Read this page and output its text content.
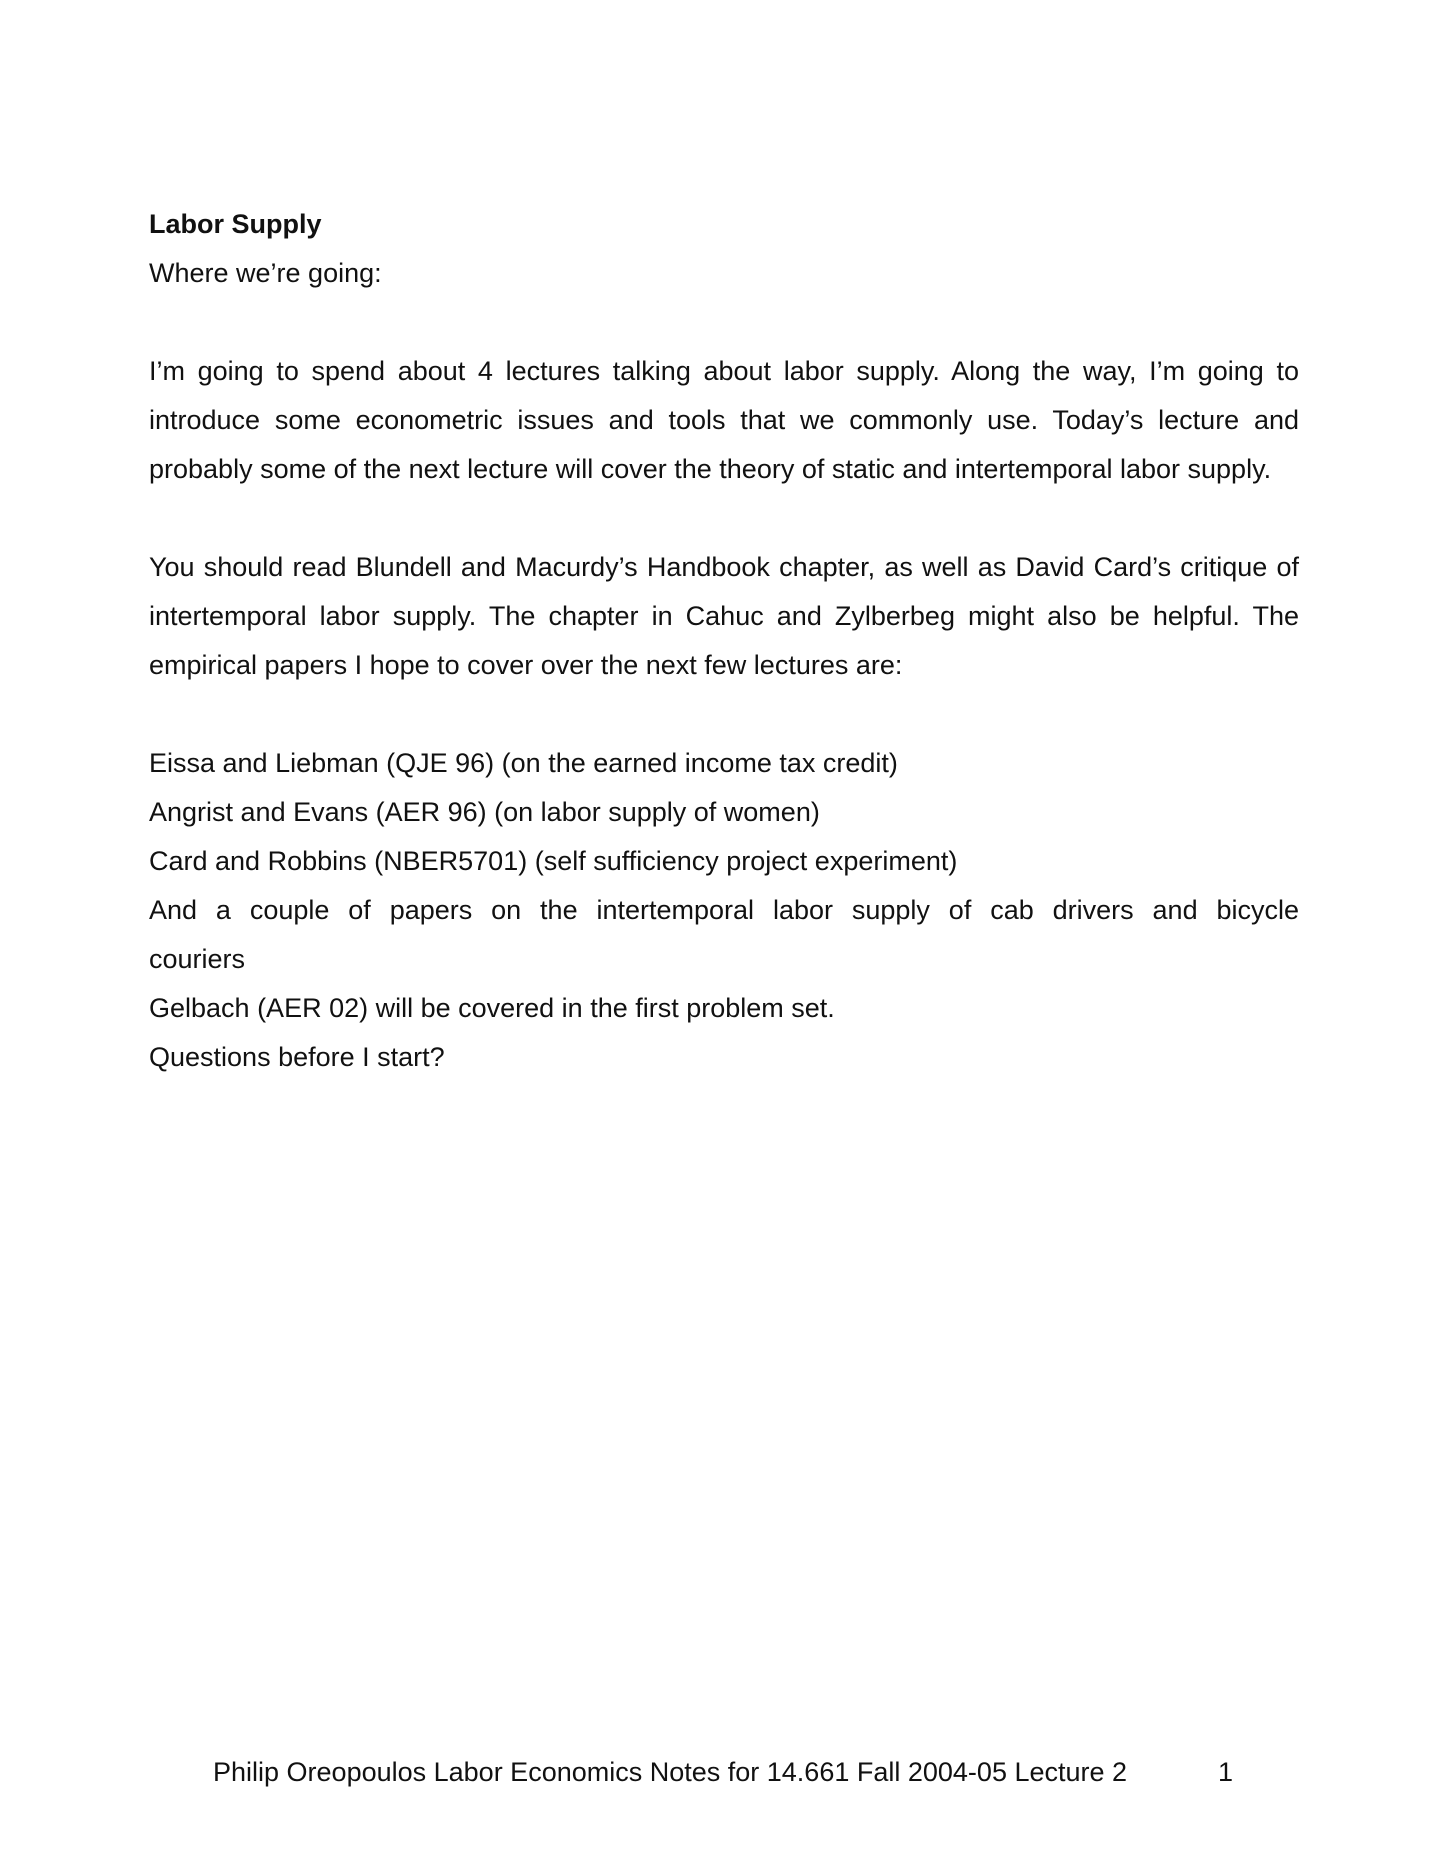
Labor Supply

Where we’re going:

I’m going to spend about 4 lectures talking about labor supply. Along the way, I’m going to introduce some econometric issues and tools that we commonly use. Today’s lecture and probably some of the next lecture will cover the theory of static and intertemporal labor supply.

You should read Blundell and Macurdy’s Handbook chapter, as well as David Card’s critique of intertemporal labor supply. The chapter in Cahuc and Zylberbeg might also be helpful. The empirical papers I hope to cover over the next few lectures are:

Eissa and Liebman (QJE 96) (on the earned income tax credit)

Angrist and Evans (AER 96) (on labor supply of women)

Card and Robbins (NBER5701) (self sufficiency project experiment)

And a couple of papers on the intertemporal labor supply of cab drivers and bicycle

couriers

Gelbach (AER 02) will be covered in the first problem set.

Questions before I start?

Philip Oreopoulos Labor Economics Notes for 14.661 Fall 2004-05 Lecture 2	1
